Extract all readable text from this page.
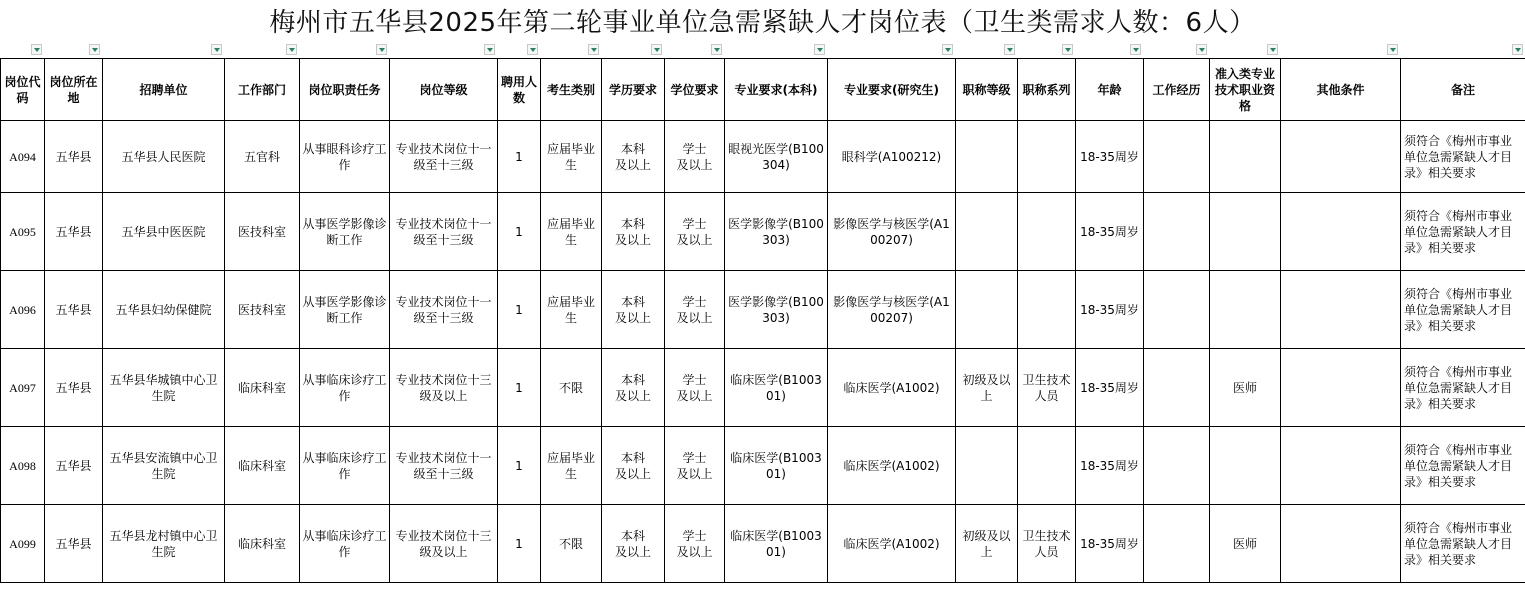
梅州市五华县2025年第二轮事业单位急需紧缺人才岗位表（卫生类需求人数：6人）
岗位代码	岗位所在地	招聘单位	工作部门	岗位职责任务	岗位等级	聘用人数	考生类别	学历要求	学位要求	专业要求(本科)	专业要求(研究生)	职称等级	职称系列	年龄	工作经历	准入类专业技术职业资格	其他条件	备注
A094	五华县	五华县人民医院	五官科	从事眼科诊疗工作	专业技术岗位十一级至十三级	1	应届毕业生	本科
及以上	学士
及以上	眼视光医学(B100304)	眼科学(A100212)			18-35周岁				须符合《梅州市事业单位急需紧缺人才目录》相关要求
A095	五华县	五华县中医医院	医技科室	从事医学影像诊断工作	专业技术岗位十一级至十三级	1	应届毕业生	本科
及以上	学士
及以上	医学影像学(B100303)	影像医学与核医学(A100207)			18-35周岁				须符合《梅州市事业单位急需紧缺人才目录》相关要求
A096	五华县	五华县妇幼保健院	医技科室	从事医学影像诊断工作	专业技术岗位十一级至十三级	1	应届毕业生	本科
及以上	学士
及以上	医学影像学(B100303)	影像医学与核医学(A100207)			18-35周岁				须符合《梅州市事业单位急需紧缺人才目录》相关要求
A097	五华县	五华县华城镇中心卫生院	临床科室	从事临床诊疗工作	专业技术岗位十三级及以上	1	不限	本科
及以上	学士
及以上	临床医学(B100301)	临床医学(A1002)	初级及以上	卫生技术人员	18-35周岁		医师		须符合《梅州市事业单位急需紧缺人才目录》相关要求
A098	五华县	五华县安流镇中心卫生院	临床科室	从事临床诊疗工作	专业技术岗位十一级至十三级	1	应届毕业生	本科
及以上	学士
及以上	临床医学(B100301)	临床医学(A1002)			18-35周岁				须符合《梅州市事业单位急需紧缺人才目录》相关要求
A099	五华县	五华县龙村镇中心卫生院	临床科室	从事临床诊疗工作	专业技术岗位十三级及以上	1	不限	本科
及以上	学士
及以上	临床医学(B100301)	临床医学(A1002)	初级及以上	卫生技术人员	18-35周岁		医师		须符合《梅州市事业单位急需紧缺人才目录》相关要求
